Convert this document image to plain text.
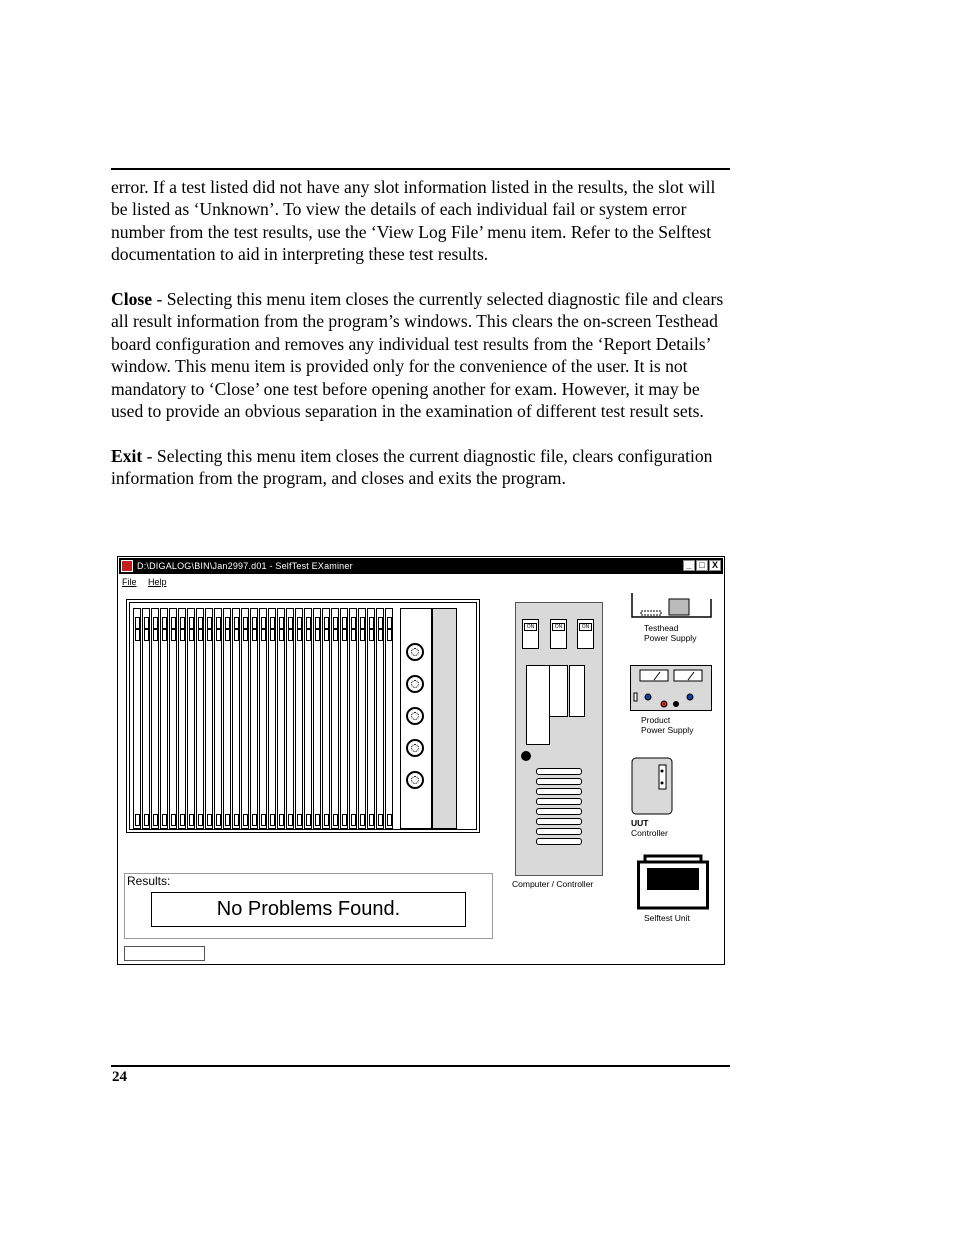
error. If a test listed did not have any slot information listed in the results, the slot will be listed as ‘Unknown’. To view the details of each individual fail or system error number from the test results, use the ‘View Log File’ menu item. Refer to the Selftest documentation to aid in interpreting these test results.

Close - Selecting this menu item closes the currently selected diagnostic file and clears all result information from the program’s windows. This clears the on-screen Testhead board configuration and removes any individual test results from the ‘Report Details’ window. This menu item is provided only for the convenience of the user. It is not mandatory to ‘Close’ one test before opening another for exam. However, it may be used to provide an obvious separation in the examination of different test result sets.

Exit - Selecting this menu item closes the current diagnostic file, clears configuration information from the program, and closes and exits the program.

D:\DIGALOG\BIN\Jan2997.d01 - SelfTest EXaminer	_ □ X
File Help
Results:
No Problems Found.
ON	ON	ON
Computer / Controller
Testhead
Power Supply
Product
Power Supply
UUT
Controller
Selftest Unit
24
